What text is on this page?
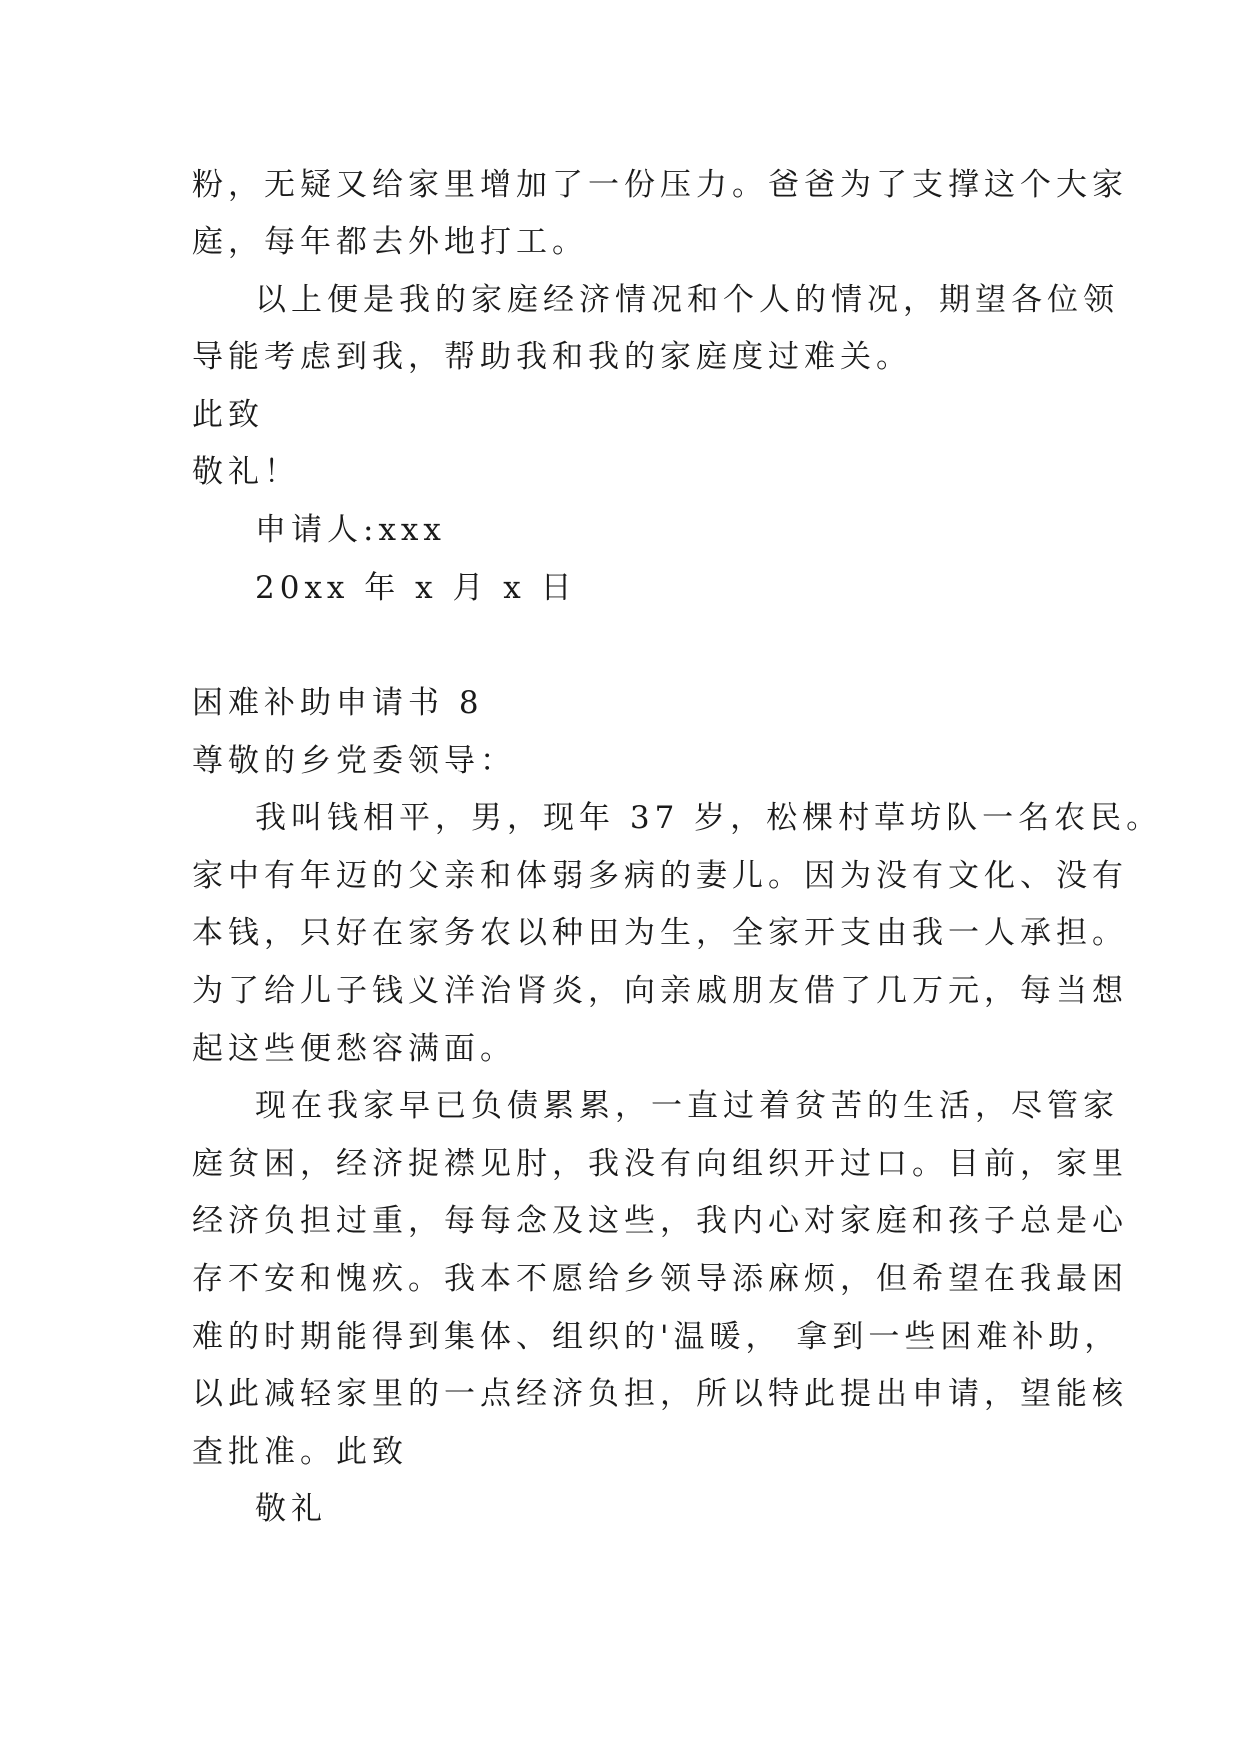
粉，无疑又给家里增加了一份压力。爸爸为了支撑这个大家

庭，每年都去外地打工。

以上便是我的家庭经济情况和个人的情况，期望各位领

导能考虑到我，帮助我和我的家庭度过难关。

此致

敬礼！

申请人:xxx

20xx 年 x 月 x 日

困难补助申请书 8

尊敬的乡党委领导：

我叫钱相平，男，现年 37 岁，松棵村草坊队一名农民。

家中有年迈的父亲和体弱多病的妻儿。因为没有文化、没有

本钱，只好在家务农以种田为生，全家开支由我一人承担。

为了给儿子钱义洋治肾炎，向亲戚朋友借了几万元，每当想

起这些便愁容满面。

现在我家早已负债累累，一直过着贫苦的生活，尽管家

庭贫困，经济捉襟见肘，我没有向组织开过口。目前，家里

经济负担过重，每每念及这些，我内心对家庭和孩子总是心

存不安和愧疚。我本不愿给乡领导添麻烦，但希望在我最困

难的时期能得到集体、组织的'温暖， 拿到一些困难补助，

以此减轻家里的一点经济负担，所以特此提出申请，望能核

查批准。此致

敬礼
